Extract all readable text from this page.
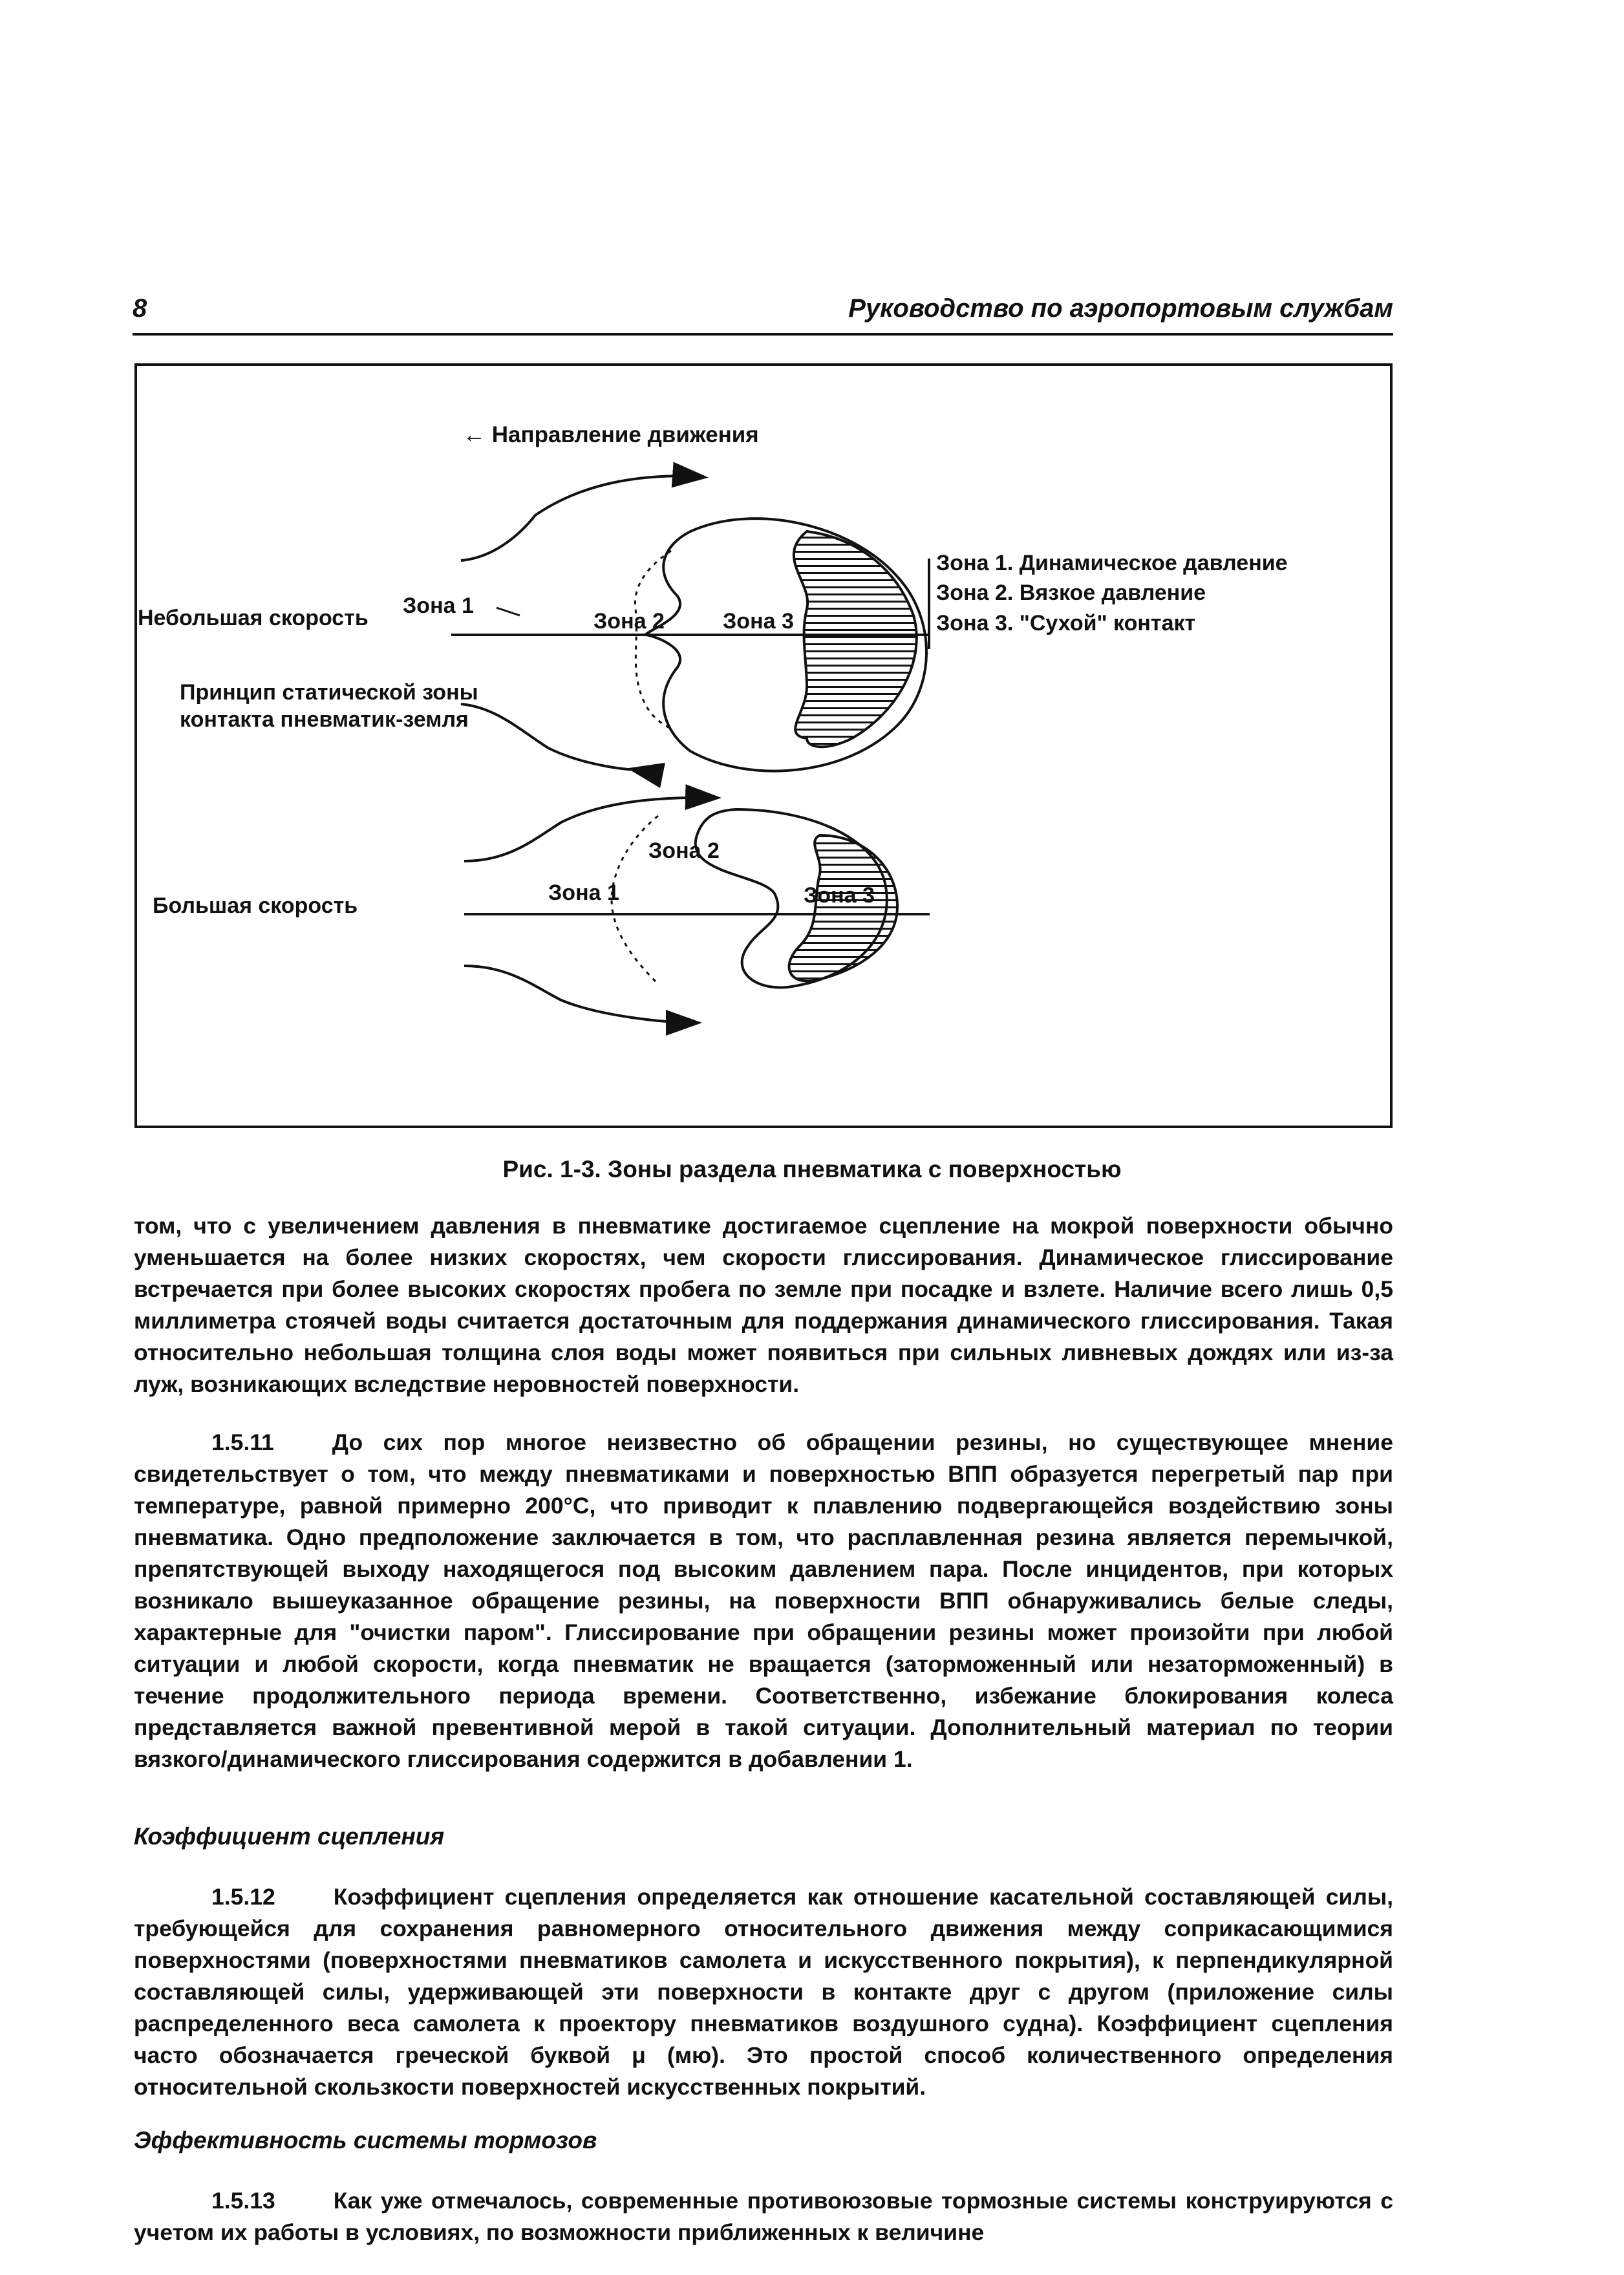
8	Руководство по аэропортовым службам
← Направление движения
Зона 1
Зона 2	Зона 3
Небольшая скорость
Принцип статической зоны
контакта пневматик-земля
Зона 1. Динамическое давление
Зона 2. Вязкое давление
Зона 3. "Сухой" контакт
Зона 2
Зона 1	Зона 3
Большая скорость
Рис. 1-3. Зоны раздела пневматика с поверхностью

том, что с увеличением давления в пневматике достигаемое сцепление на мокрой поверхности обычно уменьшается на более низких скоростях, чем скорости глиссирования. Динамическое глиссирование встречается при более высоких скоростях пробега по земле при посадке и взлете. Наличие всего лишь 0,5 миллиметра стоячей воды считается достаточным для поддержания динамического глиссирования. Такая относительно небольшая толщина слоя воды может появиться при сильных ливневых дождях или из-за луж, возникающих вследствие неровностей поверхности.

1.5.11	До сих пор многое неизвестно об обращении резины, но существующее мнение свидетельствует о том, что между пневматиками и поверхностью ВПП образуется перегретый пар при температуре, равной примерно 200°С, что приводит к плавлению подвергающейся воздействию зоны пневматика. Одно предположение заключается в том, что расплавленная резина является перемычкой, препятствующей выходу находящегося под высоким давлением пара. После инцидентов, при которых возникало вышеуказанное обращение резины, на поверхности ВПП обнаруживались белые следы, характерные для "очистки паром". Глиссирование при обращении резины может произойти при любой ситуации и любой скорости, когда пневматик не вращается (заторможенный или незаторможенный) в течение продолжительного периода времени. Соответственно, избежание блокирования колеса представляется важной превентивной мерой в такой ситуации. Дополнительный материал по теории вязкого/динамического глиссирования содержится в добавлении 1.

Коэффициент сцепления

1.5.12	Коэффициент сцепления определяется как отношение касательной составляющей силы, требующейся для сохранения равномерного относительного движения между соприкасающимися поверхностями (поверхностями пневматиков самолета и искусственного покрытия), к перпендикулярной составляющей силы, удерживающей эти поверхности в контакте друг с другом (приложение силы распределенного веса самолета к проектору пневматиков воздушного судна). Коэффициент сцепления часто обозначается греческой буквой μ (мю). Это простой способ количественного определения относительной скользкости поверхностей искусственных покрытий.

Эффективность системы тормозов

1.5.13	Как уже отмечалось, современные противоюзовые тормозные системы конструируются с учетом их работы в условиях, по возможности приближенных к величине
